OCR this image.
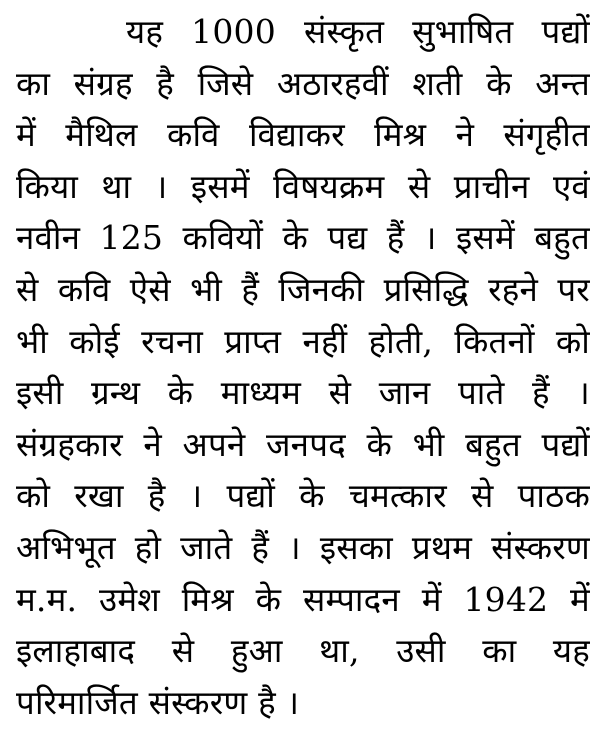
यह 1000 संस्कृत सुभाषित पद्यों
का संग्रह है जिसे अठारहवीं शती के अन्त
में मैथिल कवि विद्याकर मिश्र ने संगृहीत
किया था । इसमें विषयक्रम से प्राचीन एवं
नवीन 125 कवियों के पद्य हैं । इसमें बहुत
से कवि ऐसे भी हैं जिनकी प्रसिद्धि रहने पर
भी कोई रचना प्राप्त नहीं होती, कितनों को
इसी ग्रन्थ के माध्यम से जान पाते हैं ।
संग्रहकार ने अपने जनपद के भी बहुत पद्यों
को रखा है । पद्यों के चमत्कार से पाठक
अभिभूत हो जाते हैं । इसका प्रथम संस्करण
म.म. उमेश मिश्र के सम्पादन में 1942 में
इलाहाबाद से हुआ था, उसी का यह
परिमार्जित संस्करण है ।
